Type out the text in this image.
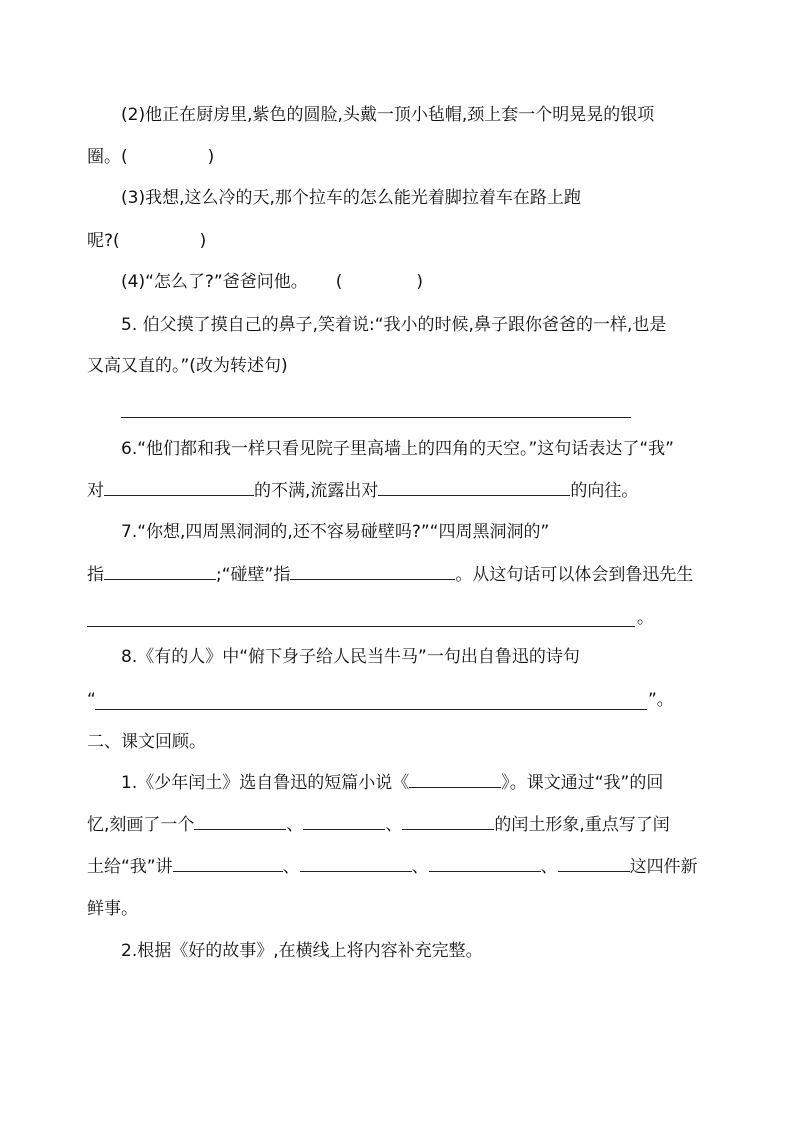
(2)他正在厨房里,紫色的圆脸,头戴一顶小毡帽,颈上套一个明晃晃的银项
圈。(	)
(3)我想,这么冷的天,那个拉车的怎么能光着脚拉着车在路上跑
呢?(	)
(4)“怎么了?”爸爸问他。 (	)
5. 伯父摸了摸自己的鼻子,笑着说:“我小的时候,鼻子跟你爸爸的一样,也是
又高又直的。”(改为转述句)
6.“他们都和我一样只看见院子里高墙上的四角的天空。”这句话表达了“我”
对	的不满,流露出对	的向往。
7.“你想,四周黑洞洞的,还不容易碰壁吗?”“四周黑洞洞的”
指	;“碰壁”指	。从这句话可以体会到鲁迅先生
。
8.《有的人》中“俯下身子给人民当牛马”一句出自鲁迅的诗句
“	”。
二、课文回顾。
1.《少年闰土》选自鲁迅的短篇小说《	》。课文通过“我”的回
忆,刻画了一个	、	、	的闰土形象,重点写了闰
土给“我”讲	、	、	、	这四件新
鲜事。
2.根据《好的故事》,在横线上将内容补充完整。
